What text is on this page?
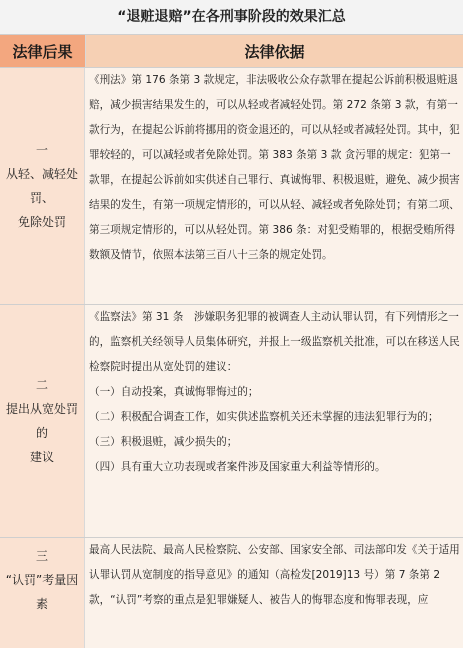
“退赃退赔”在各刑事阶段的效果汇总
法律后果	法律依据
一
从轻、减轻处罚、
免除处罚

《刑法》第 176 条第 3 款规定，非法吸收公众存款罪在提起公诉前积极退赃退赔，减少损害结果发生的，可以从轻或者减轻处罚。第 272 条第 3 款，有第一款行为，在提起公诉前将挪用的资金退还的，可以从轻或者减轻处罚。其中，犯罪较轻的，可以减轻或者免除处罚。第 383 条第 3 款 贪污罪的规定：犯第一款罪，在提起公诉前如实供述自己罪行、真诚悔罪、积极退赃，避免、减少损害结果的发生，有第一项规定情形的，可以从轻、减轻或者免除处罚；有第二项、第三项规定情形的，可以从轻处罚。第 386 条：对犯受贿罪的，根据受贿所得数额及情节，依照本法第三百八十三条的规定处罚。

二
提出从宽处罚的
建议

《监察法》第 31 条　涉嫌职务犯罪的被调查人主动认罪认罚，有下列情形之一的，监察机关经领导人员集体研究，并报上一级监察机关批准，可以在移送人民检察院时提出从宽处罚的建议：

（一）自动投案，真诚悔罪悔过的；

（二）积极配合调查工作，如实供述监察机关还未掌握的违法犯罪行为的；

（三）积极退赃，减少损失的；

（四）具有重大立功表现或者案件涉及国家重大利益等情形的。

三
“认罚”考量因
素

最高人民法院、最高人民检察院、公安部、国家安全部、司法部印发《关于适用认罪认罚从宽制度的指导意见》的通知（高检发[2019]13 号）第 7 条第 2 款，“认罚”考察的重点是犯罪嫌疑人、被告人的悔罪态度和悔罪表现，应
